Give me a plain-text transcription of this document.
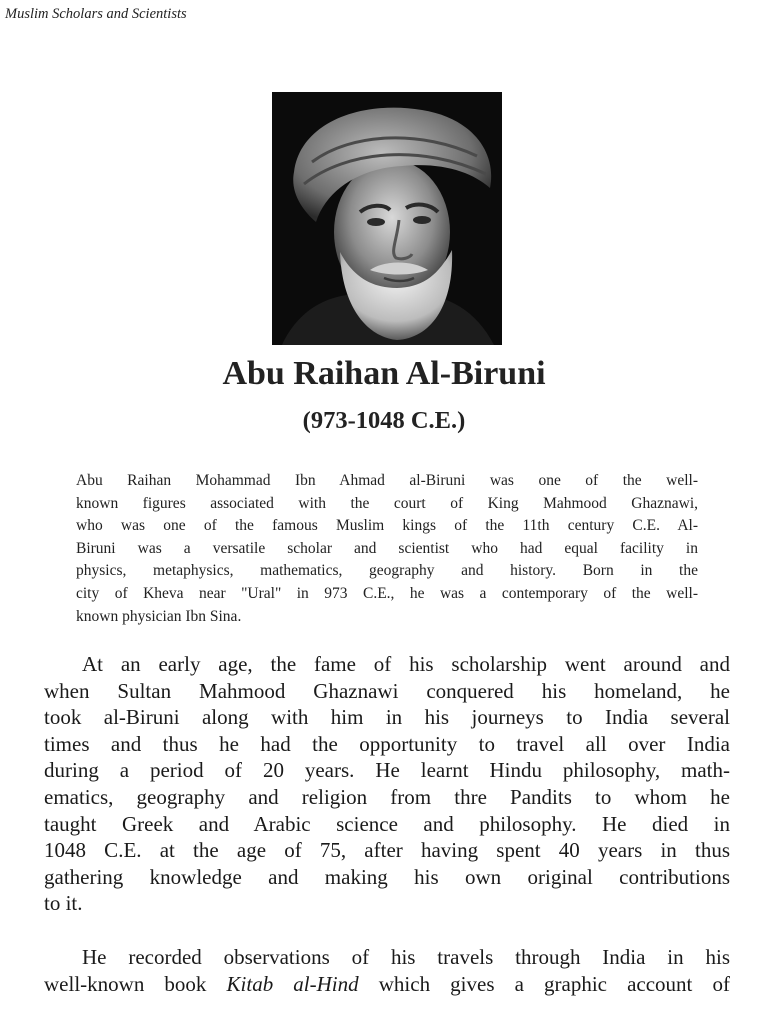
Muslim Scholars and Scientists
Abu Raihan Al-Biruni
(973-1048 C.E.)

Abu Raihan Mohammad Ibn Ahmad al-Biruni was one of the well-
known figures associated with the court of King Mahmood Ghaznawi,
who was one of the famous Muslim kings of the 11th century C.E. Al-
Biruni was a versatile scholar and scientist who had equal facility in
physics, metaphysics, mathematics, geography and history. Born in the
city of Kheva near "Ural" in 973 C.E., he was a contemporary of the well-
known physician Ibn Sina.

At an early age, the fame of his scholarship went around and
when Sultan Mahmood Ghaznawi conquered his homeland, he
took al-Biruni along with him in his journeys to India several
times and thus he had the opportunity to travel all over India
during a period of 20 years. He learnt Hindu philosophy, math-
ematics, geography and religion from thre Pandits to whom he
taught Greek and Arabic science and philosophy. He died in
1048 C.E. at the age of 75, after having spent 40 years in thus
gathering knowledge and making his own original contributions
to it.

He recorded observations of his travels through India in his
well-known book Kitab al-Hind which gives a graphic account of
